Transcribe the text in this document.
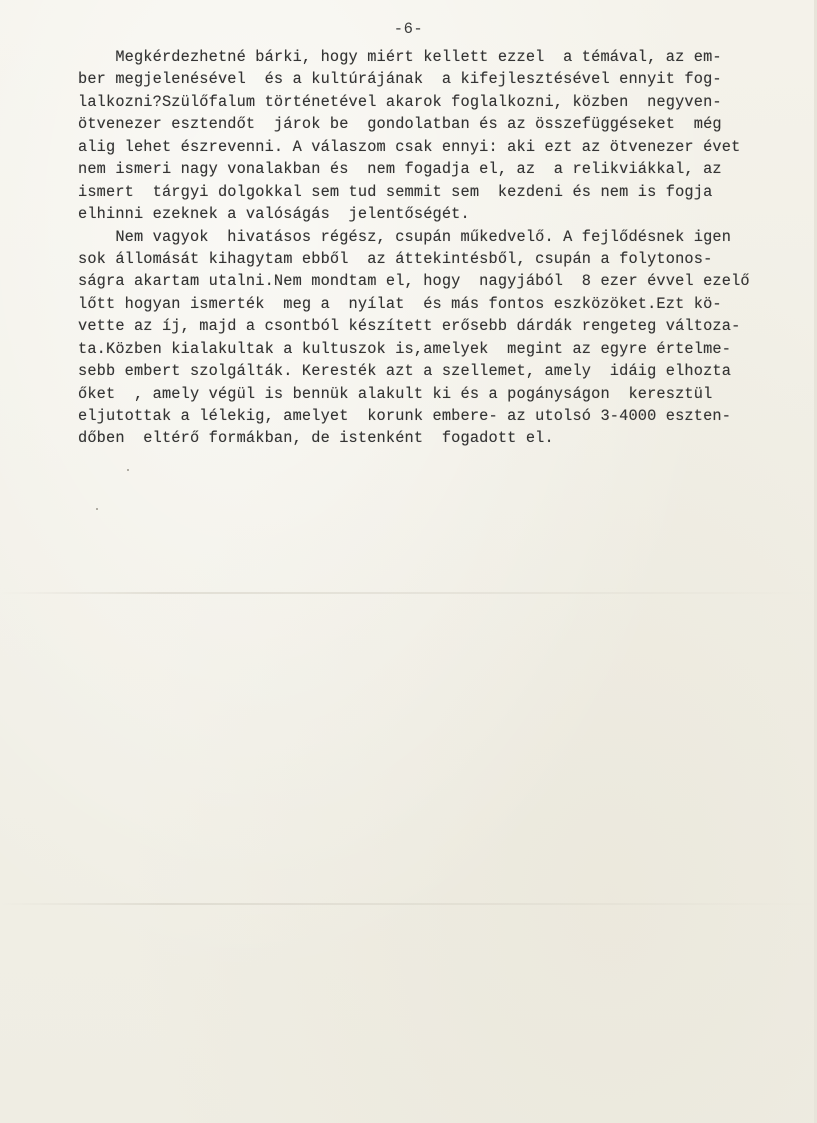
-6-
Megkérdezhetné bárki, hogy miért kellett ezzel  a témával, az em-
ber megjelenésével  és a kultúrájának  a kifejlesztésével ennyit fog-
lalkozni?Szülőfalum történetével akarok foglalkozni, közben  negyven-
ötvenezer esztendőt  járok be  gondolatban és az összefüggéseket  még
alig lehet észrevenni. A válaszom csak ennyi: aki ezt az ötvenezer évet
nem ismeri nagy vonalakban és  nem fogadja el, az  a relikviákkal, az
ismert  tárgyi dolgokkal sem tud semmit sem  kezdeni és nem is fogja
elhinni ezeknek a valóságás  jelentőségét.
Nem vagyok  hivatásos régész, csupán műkedvelő. A fejlődésnek igen
sok állomását kihagytam ebből  az áttekintésből, csupán a folytonos-
ságra akartam utalni.Nem mondtam el, hogy  nagyjából  8 ezer évvel ezelő
lőtt hogyan ismerték  meg a  nyílat  és más fontos eszközöket.Ezt kö-
vette az íj, majd a csontból készített erősebb dárdák rengeteg változa-
ta.Közben kialakultak a kultuszok is,amelyek  megint az egyre értelme-
sebb embert szolgálták. Keresték azt a szellemet, amely  idáig elhozta
őket  , amely végül is bennük alakult ki és a pogányságon  keresztül
eljutottak a lélekig, amelyet  korunk embere- az utolsó 3-4000 eszten-
dőben  eltérő formákban, de istenként  fogadott el.
